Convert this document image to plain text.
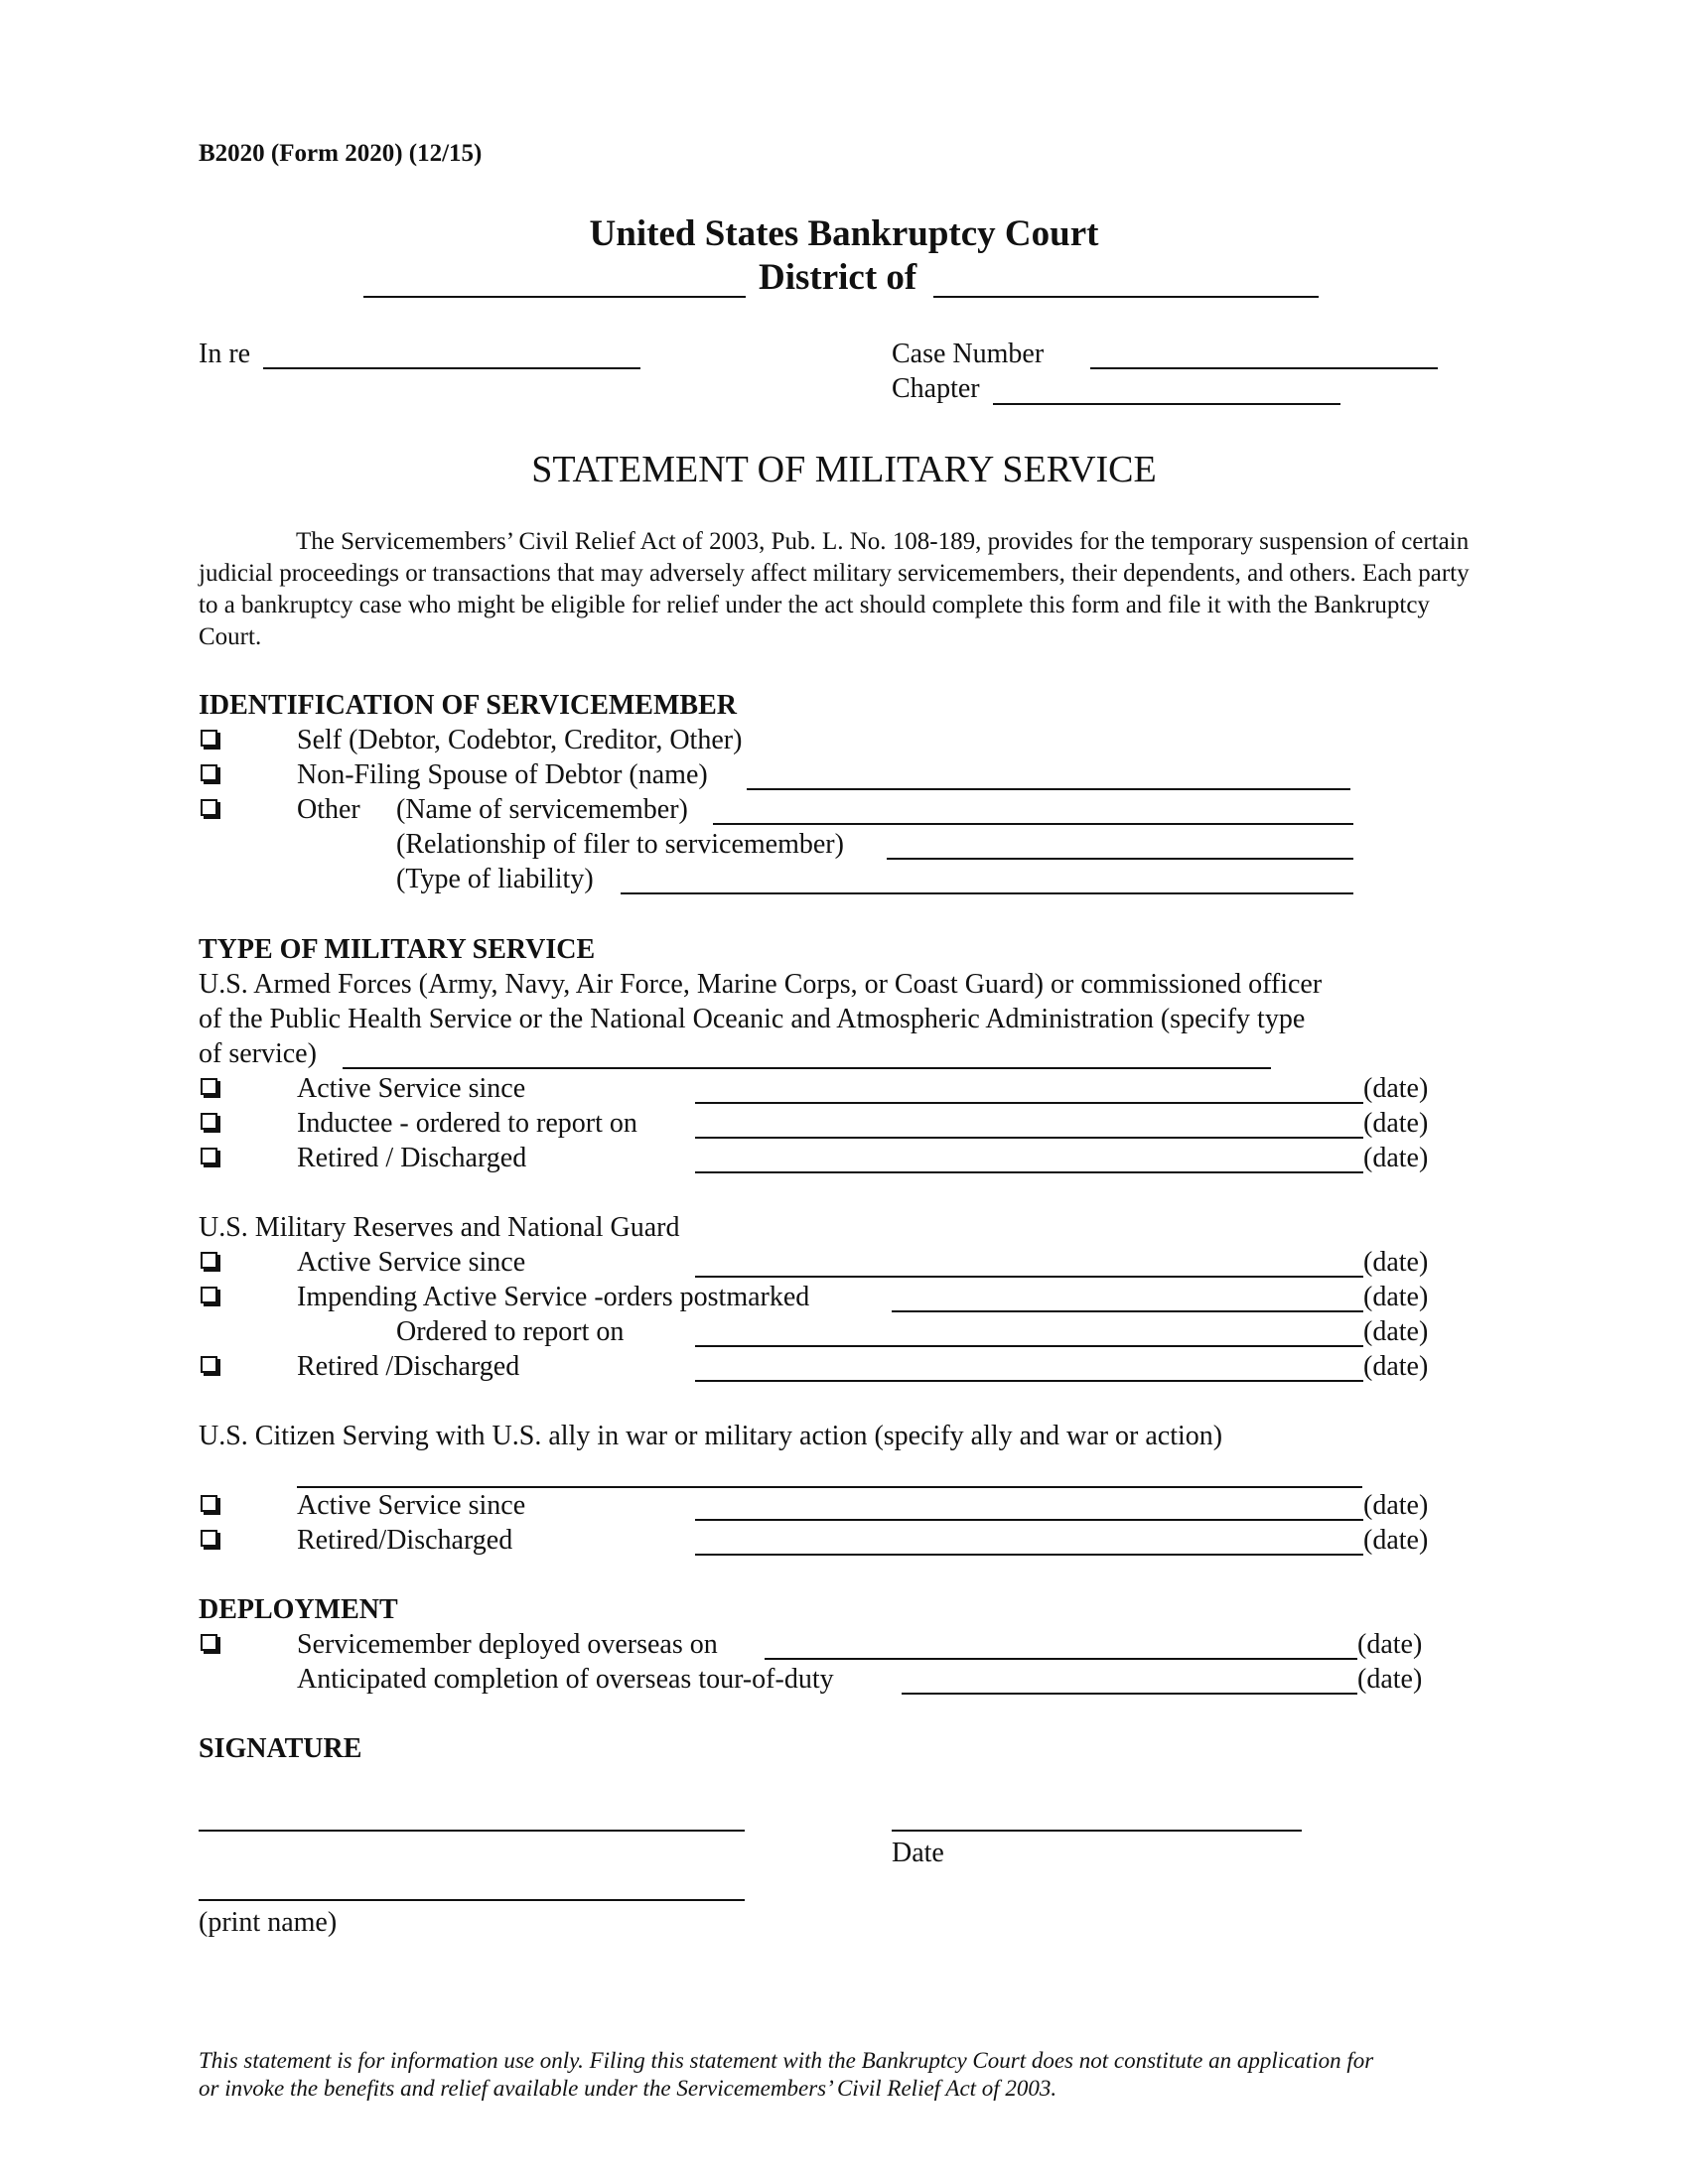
B2020 (Form 2020) (12/15)
United States Bankruptcy Court
District of
In re	Case Number
Chapter
STATEMENT OF MILITARY SERVICE

The Servicemembers’ Civil Relief Act of 2003, Pub. L. No. 108-189, provides for the temporary suspension of certain judicial proceedings or transactions that may adversely affect military servicemembers, their dependents, and others. Each party to a bankruptcy case who might be eligible for relief under the act should complete this form and file it with the Bankruptcy Court.

IDENTIFICATION OF SERVICEMEMBER
Self (Debtor, Codebtor, Creditor, Other)
Non-Filing Spouse of Debtor (name)
Other (Name of servicemember)
(Relationship of filer to servicemember)
(Type of liability)
TYPE OF MILITARY SERVICE
U.S. Armed Forces (Army, Navy, Air Force, Marine Corps, or Coast Guard) or commissioned officer
of the Public Health Service or the National Oceanic and Atmospheric Administration (specify type
of service)
Active Service since	(date)
Inductee - ordered to report on	(date)
Retired / Discharged	(date)
U.S. Military Reserves and National Guard
Active Service since	(date)
Impending Active Service -orders postmarked	(date)
Ordered to report on	(date)
Retired /Discharged	(date)
U.S. Citizen Serving with U.S. ally in war or military action (specify ally and war or action)
Active Service since	(date)
Retired/Discharged	(date)
DEPLOYMENT
Servicemember deployed overseas on	(date)
Anticipated completion of overseas tour-of-duty	(date)
SIGNATURE
Date
(print name)

This statement is for information use only. Filing this statement with the Bankruptcy Court does not constitute an application for

or invoke the benefits and relief available under the Servicemembers’ Civil Relief Act of 2003.
